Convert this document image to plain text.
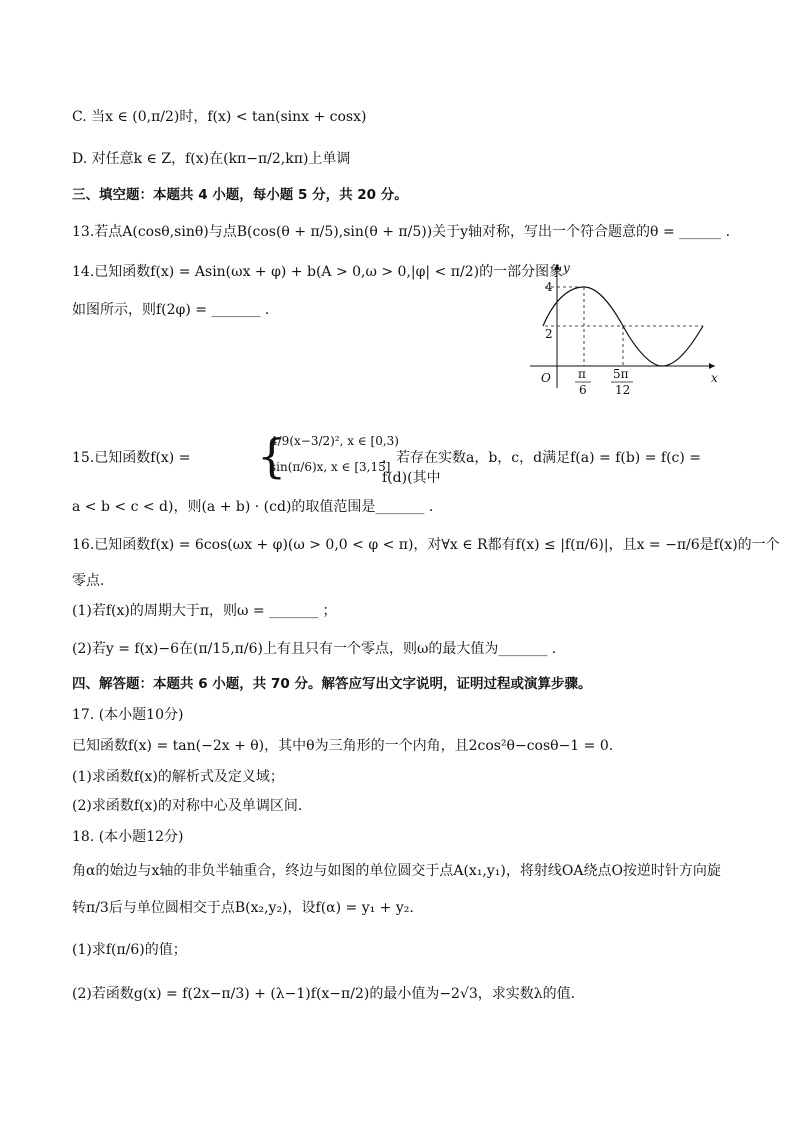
C. 当x ∈ (0,π/2)时，f(x) < tan(sinx + cosx)
D. 对任意k ∈ Z，f(x)在(kπ−π/2,kπ)上单调
三、填空题：本题共 4 小题，每小题 5 分，共 20 分。
13.若点A(cosθ,sinθ)与点B(cos(θ + π/5),sin(θ + π/5))关于y轴对称，写出一个符合题意的θ = ______ .
14.已知函数f(x) = Asin(ωx + φ) + b(A > 0,ω > 0,|φ| < π/2)的一部分图象
如图所示，则f(2φ) = _______ .
y
x
O
4
2
π
6
5π
12
15.已知函数f(x) = {
4/9(x−3/2)², x ∈ [0,3)
sin(π/6)x, x ∈ [3,15]
，若存在实数a，b，c，d满足f(a) = f(b) = f(c) = f(d)(其中
a < b < c < d)，则(a + b) · (cd)的取值范围是_______ .
16.已知函数f(x) = 6cos(ωx + φ)(ω > 0,0 < φ < π)，对∀x ∈ R都有f(x) ≤ |f(π/6)|，且x = −π/6是f(x)的一个
零点．
(1)若f(x)的周期大于π，则ω = _______ ；
(2)若y = f(x)−6在(π/15,π/6)上有且只有一个零点，则ω的最大值为_______ .
四、解答题：本题共 6 小题，共 70 分。解答应写出文字说明，证明过程或演算步骤。
17. (本小题10分)
已知函数f(x) = tan(−2x + θ)，其中θ为三角形的一个内角，且2cos²θ−cosθ−1 = 0.
(1)求函数f(x)的解析式及定义域；
(2)求函数f(x)的对称中心及单调区间.
18. (本小题12分)
角α的始边与x轴的非负半轴重合，终边与如图的单位圆交于点A(x₁,y₁)，将射线OA绕点O按逆时针方向旋
转π/3后与单位圆相交于点B(x₂,y₂)，设f(α) = y₁ + y₂.
(1)求f(π/6)的值；
(2)若函数g(x) = f(2x−π/3) + (λ−1)f(x−π/2)的最小值为−2√3，求实数λ的值.
